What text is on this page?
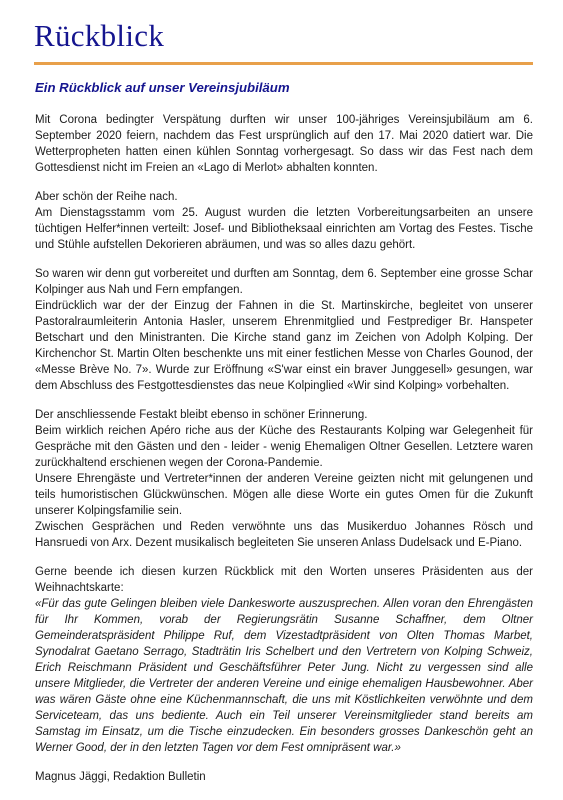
Rückblick
Ein Rückblick auf unser Vereinsjubiläum

Mit Corona bedingter Verspätung durften wir unser 100-jähriges Vereinsjubiläum am 6. September 2020 feiern, nachdem das Fest ursprünglich auf den 17. Mai 2020 datiert war. Die Wetterpropheten hatten einen kühlen Sonntag vorhergesagt. So dass wir das Fest nach dem Gottesdienst nicht im Freien an «Lago di Merlot» abhalten konnten.

Aber schön der Reihe nach.
Am Dienstagsstamm vom 25. August wurden die letzten Vorbereitungsarbeiten an unsere tüchtigen Helfer*innen verteilt: Josef- und Bibliotheksaal einrichten am Vortag des Festes. Tische und Stühle aufstellen Dekorieren abräumen, und was so alles dazu gehört.

So waren wir denn gut vorbereitet und durften am Sonntag, dem 6. September eine grosse Schar Kolpinger aus Nah und Fern empfangen.
Eindrücklich war der der Einzug der Fahnen in die St. Martinskirche, begleitet von unserer Pastoralraumleiterin Antonia Hasler, unserem Ehrenmitglied und Festprediger Br. Hanspeter Betschart und den Ministranten. Die Kirche stand ganz im Zeichen von Adolph Kolping. Der Kirchenchor St. Martin Olten beschenkte uns mit einer festlichen Messe von Charles Gounod, der «Messe Brève No. 7». Wurde zur Eröffnung «S'war einst ein braver Junggesell» gesungen, war dem Abschluss des Festgottesdienstes das neue Kolpinglied «Wir sind Kolping» vorbehalten.

Der anschliessende Festakt bleibt ebenso in schöner Erinnerung.
Beim wirklich reichen Apéro riche aus der Küche des Restaurants Kolping war Gelegenheit für Gespräche mit den Gästen und den - leider - wenig Ehemaligen Oltner Gesellen. Letztere waren zurückhaltend erschienen wegen der Corona-Pandemie.
Unsere Ehrengäste und Vertreter*innen der anderen Vereine geizten nicht mit gelungenen und teils humoristischen Glückwünschen. Mögen alle diese Worte ein gutes Omen für die Zukunft unserer Kolpingsfamilie sein.
Zwischen Gesprächen und Reden verwöhnte uns das Musikerduo Johannes Rösch und Hansruedi von Arx. Dezent musikalisch begleiteten Sie unseren Anlass Dudelsack und E-Piano.

Gerne beende ich diesen kurzen Rückblick mit den Worten unseres Präsidenten aus der Weihnachtskarte:
«Für das gute Gelingen bleiben viele Dankesworte auszusprechen. Allen voran den Ehrengästen für Ihr Kommen, vorab der Regierungsrätin Susanne Schaffner, dem Oltner Gemeinderatspräsident Philippe Ruf, dem Vizestadtpräsident von Olten Thomas Marbet, Synodalrat Gaetano Serrago, Stadträtin Iris Schelbert und den Vertretern von Kolping Schweiz, Erich Reischmann Präsident und Geschäftsführer Peter Jung. Nicht zu vergessen sind alle unsere Mitglieder, die Vertreter der anderen Vereine und einige ehemaligen Hausbewohner. Aber was wären Gäste ohne eine Küchenmannschaft, die uns mit Köstlichkeiten verwöhnte und dem Serviceteam, das uns bediente. Auch ein Teil unserer Vereinsmitglieder stand bereits am Samstag im Einsatz, um die Tische einzudecken. Ein besonders grosses Dankeschön geht an Werner Good, der in den letzten Tagen vor dem Fest omnipräsent war.»

Magnus Jäggi, Redaktion Bulletin
